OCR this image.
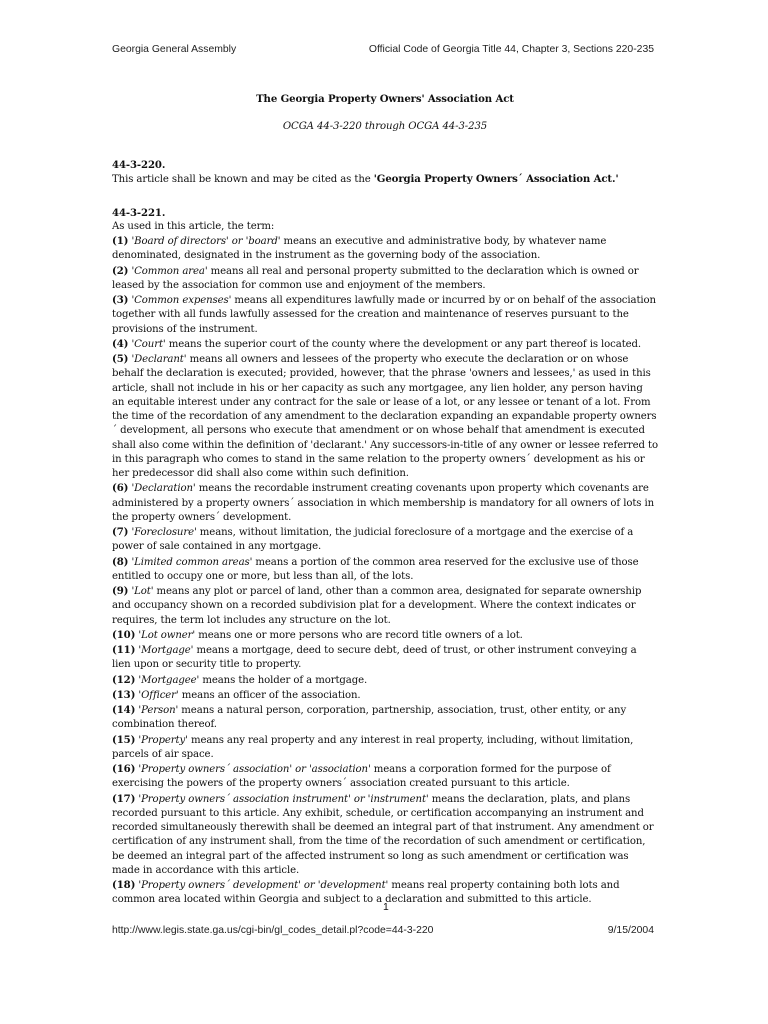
Georgia General Assembly	Official Code of Georgia Title 44, Chapter 3, Sections 220-235

The Georgia Property Owners' Association Act

OCGA 44-3-220 through OCGA 44-3-235

44-3-220.

This article shall be known and may be cited as the 'Georgia Property Owners´ Association Act.'

44-3-221.

As used in this article, the term:

(1) 'Board of directors' or 'board' means an executive and administrative body, by whatever name denominated, designated in the instrument as the governing body of the association.

(2) 'Common area' means all real and personal property submitted to the declaration which is owned or leased by the association for common use and enjoyment of the members.

(3) 'Common expenses' means all expenditures lawfully made or incurred by or on behalf of the association together with all funds lawfully assessed for the creation and maintenance of reserves pursuant to the provisions of the instrument.

(4) 'Court' means the superior court of the county where the development or any part thereof is located.

(5) 'Declarant' means all owners and lessees of the property who execute the declaration or on whose behalf the declaration is executed; provided, however, that the phrase 'owners and lessees,' as used in this article, shall not include in his or her capacity as such any mortgagee, any lien holder, any person having an equitable interest under any contract for the sale or lease of a lot, or any lessee or tenant of a lot. From the time of the recordation of any amendment to the declaration expanding an expandable property owners´ development, all persons who execute that amendment or on whose behalf that amendment is executed shall also come within the definition of 'declarant.' Any successors-in-title of any owner or lessee referred to in this paragraph who comes to stand in the same relation to the property owners´ development as his or her predecessor did shall also come within such definition.

(6) 'Declaration' means the recordable instrument creating covenants upon property which covenants are administered by a property owners´ association in which membership is mandatory for all owners of lots in the property owners´ development.

(7) 'Foreclosure' means, without limitation, the judicial foreclosure of a mortgage and the exercise of a power of sale contained in any mortgage.

(8) 'Limited common areas' means a portion of the common area reserved for the exclusive use of those entitled to occupy one or more, but less than all, of the lots.

(9) 'Lot' means any plot or parcel of land, other than a common area, designated for separate ownership and occupancy shown on a recorded subdivision plat for a development. Where the context indicates or requires, the term lot includes any structure on the lot.

(10) 'Lot owner' means one or more persons who are record title owners of a lot.

(11) 'Mortgage' means a mortgage, deed to secure debt, deed of trust, or other instrument conveying a lien upon or security title to property.

(12) 'Mortgagee' means the holder of a mortgage.

(13) 'Officer' means an officer of the association.

(14) 'Person' means a natural person, corporation, partnership, association, trust, other entity, or any combination thereof.

(15) 'Property' means any real property and any interest in real property, including, without limitation, parcels of air space.

(16) 'Property owners´ association' or 'association' means a corporation formed for the purpose of exercising the powers of the property owners´ association created pursuant to this article.

(17) 'Property owners´ association instrument' or 'instrument' means the declaration, plats, and plans recorded pursuant to this article. Any exhibit, schedule, or certification accompanying an instrument and recorded simultaneously therewith shall be deemed an integral part of that instrument. Any amendment or certification of any instrument shall, from the time of the recordation of such amendment or certification, be deemed an integral part of the affected instrument so long as such amendment or certification was made in accordance with this article.

(18) 'Property owners´ development' or 'development' means real property containing both lots and common area located within Georgia and subject to a declaration and submitted to this article.

1
http://www.legis.state.ga.us/cgi-bin/gl_codes_detail.pl?code=44-3-220	9/15/2004
